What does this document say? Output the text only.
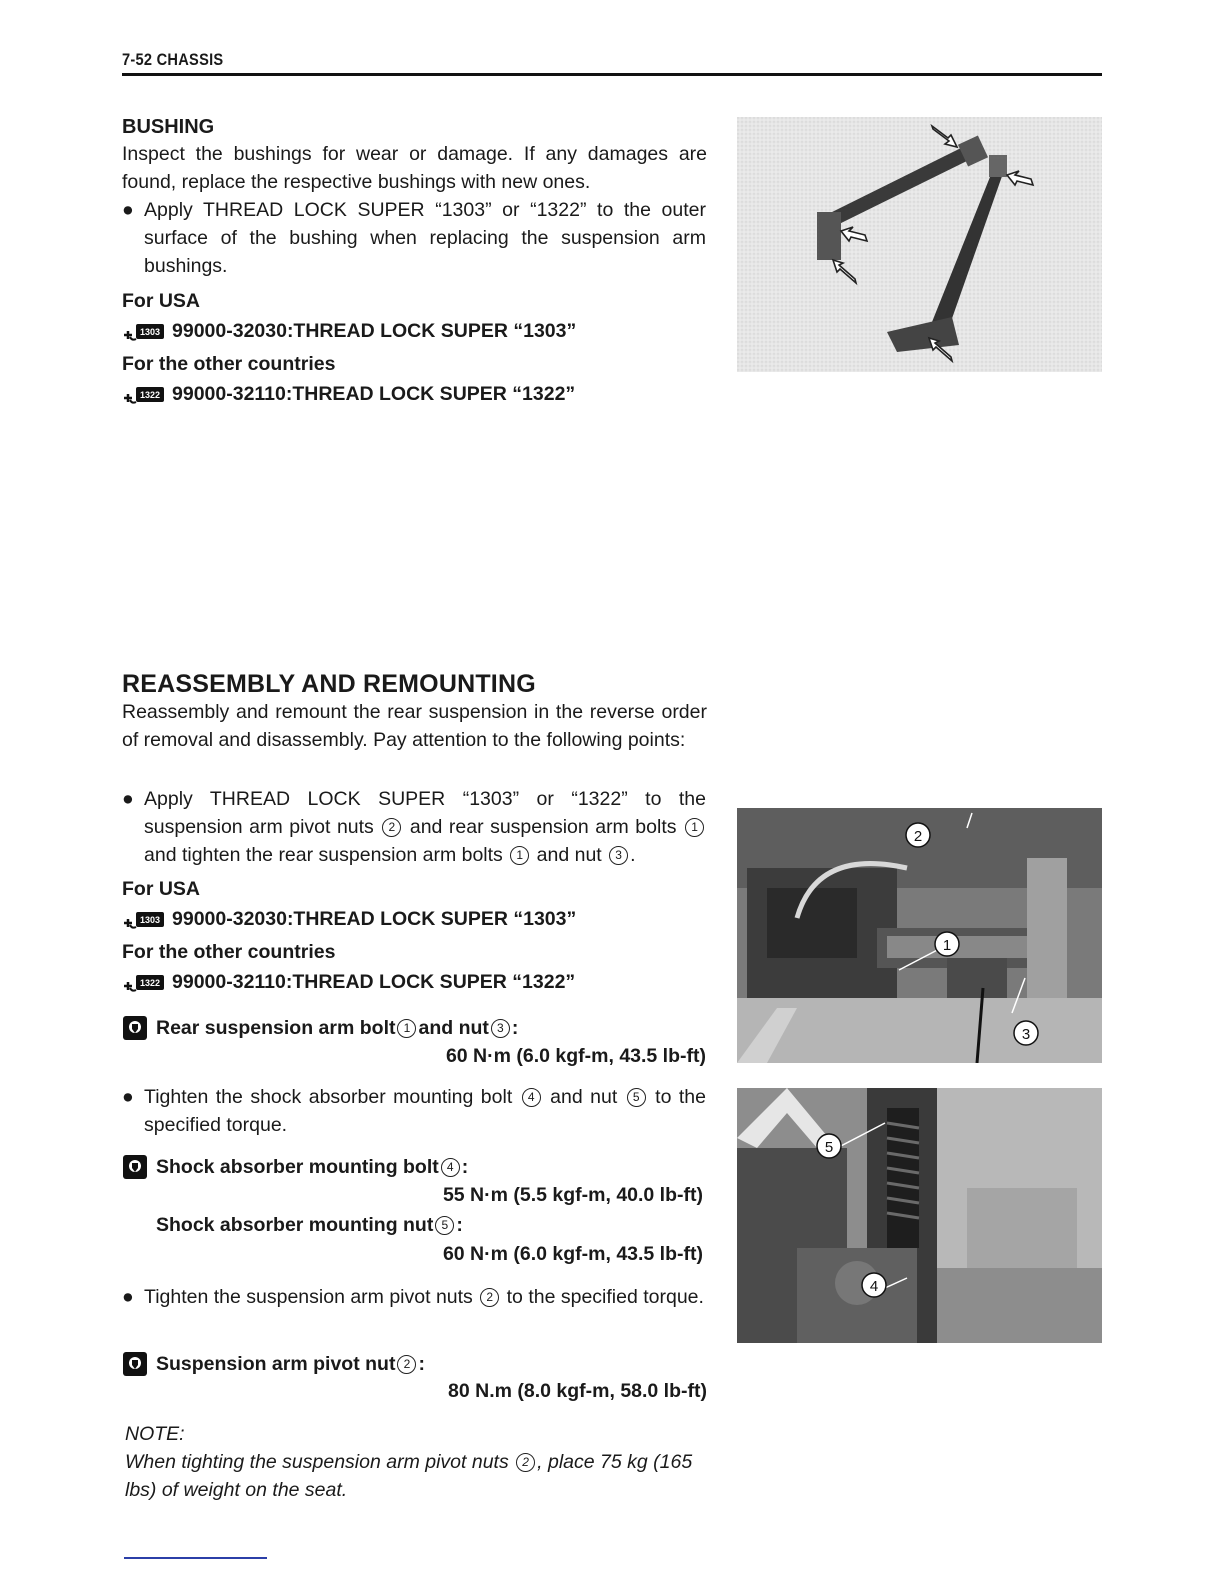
7-52 CHASSIS
BUSHING
Inspect the bushings for wear or damage. If any damages are found, replace the respective bushings with new ones.
● Apply THREAD LOCK SUPER “1303” or “1322” to the outer surface of the bushing when replacing the suspension arm bushings.
For USA
1303 99000-32030:THREAD LOCK SUPER “1303”
For the other countries
1322 99000-32110:THREAD LOCK SUPER “1322”
REASSEMBLY AND REMOUNTING
Reassembly and remount the rear suspension in the reverse order of removal and disassembly. Pay attention to the following points:
● Apply THREAD LOCK SUPER “1303” or “1322” to the suspension arm pivot nuts 2 and rear suspension arm bolts 1 and tighten the rear suspension arm bolts 1 and nut 3 .
For USA
1303 99000-32030:THREAD LOCK SUPER “1303”
For the other countries
1322 99000-32110:THREAD LOCK SUPER “1322”
Rear suspension arm bolt 1 and nut 3 :
60 N·m (6.0 kgf-m, 43.5 lb-ft)
● Tighten the shock absorber mounting bolt 4 and nut 5 to the specified torque.
Shock absorber mounting bolt 4 :
55 N·m (5.5 kgf-m, 40.0 lb-ft)
Shock absorber mounting nut 5 :
60 N·m (6.0 kgf-m, 43.5 lb-ft)
● Tighten the suspension arm pivot nuts 2 to the specified torque.
Suspension arm pivot nut 2 :
80 N.m (8.0 kgf-m, 58.0 lb-ft)
NOTE:
When tighting the suspension arm pivot nuts 2 , place 75 kg (165 lbs) of weight on the seat.
2
1
3
5
4
